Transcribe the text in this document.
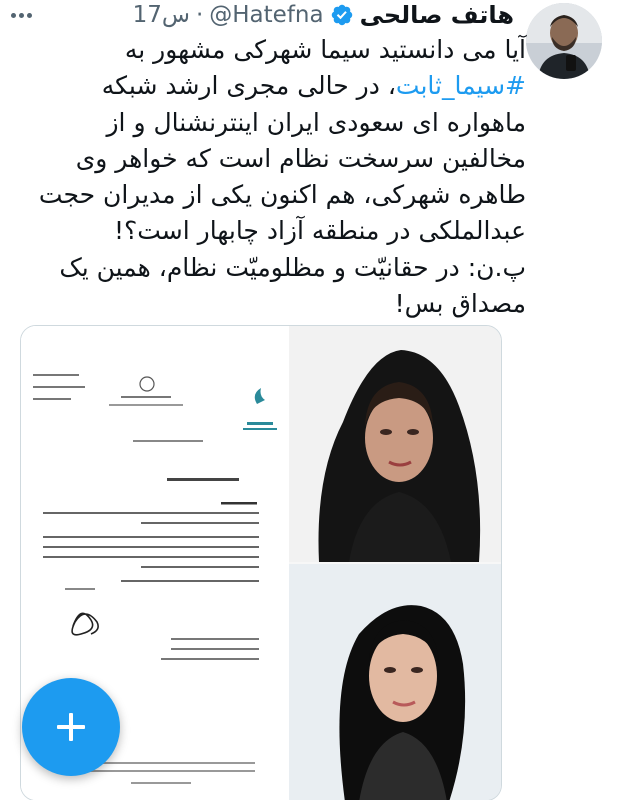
هاتف صالحی
@Hatefna
·
17س
آیا می دانستید سیما شهرکی مشهور به
#سیما_ثابت، در حالی مجری ارشد شبکه
ماهواره ای سعودی ایران اینترنشنال و از
مخالفین سرسخت نظام است که خواهر وی
طاهره شهرکی، هم اکنون یکی از مدیران حجت
عبدالملکی در منطقه آزاد چابهار است؟!
پ.ن: در حقانیّت و مظلومیّت نظام، همین یک
مصداق بس!
